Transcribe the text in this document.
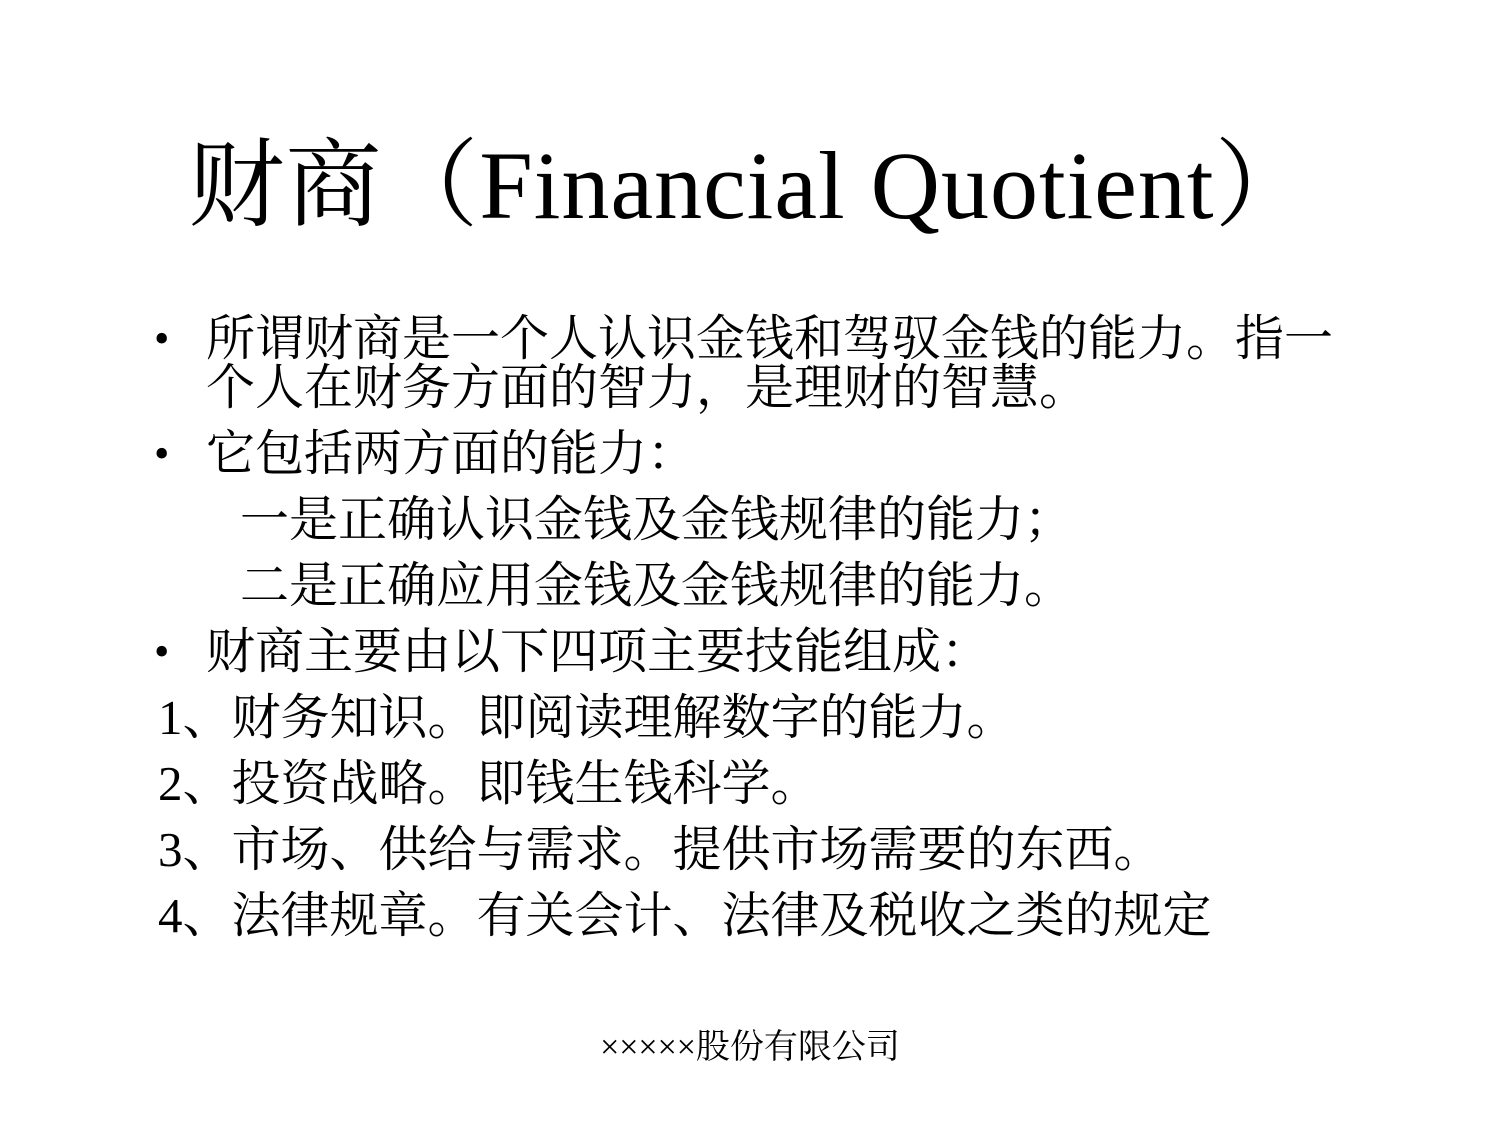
财商（Financial Quotient）
• 所谓财商是一个人认识金钱和驾驭金钱的能力。指一个人在财务方面的智力，是理财的智慧。
• 它包括两方面的能力：
一是正确认识金钱及金钱规律的能力；
二是正确应用金钱及金钱规律的能力。
• 财商主要由以下四项主要技能组成：
1、财务知识。即阅读理解数字的能力。
2、投资战略。即钱生钱科学。
3、市场、供给与需求。提供市场需要的东西。
4、法律规章。有关会计、法律及税收之类的规定
×××××股份有限公司
